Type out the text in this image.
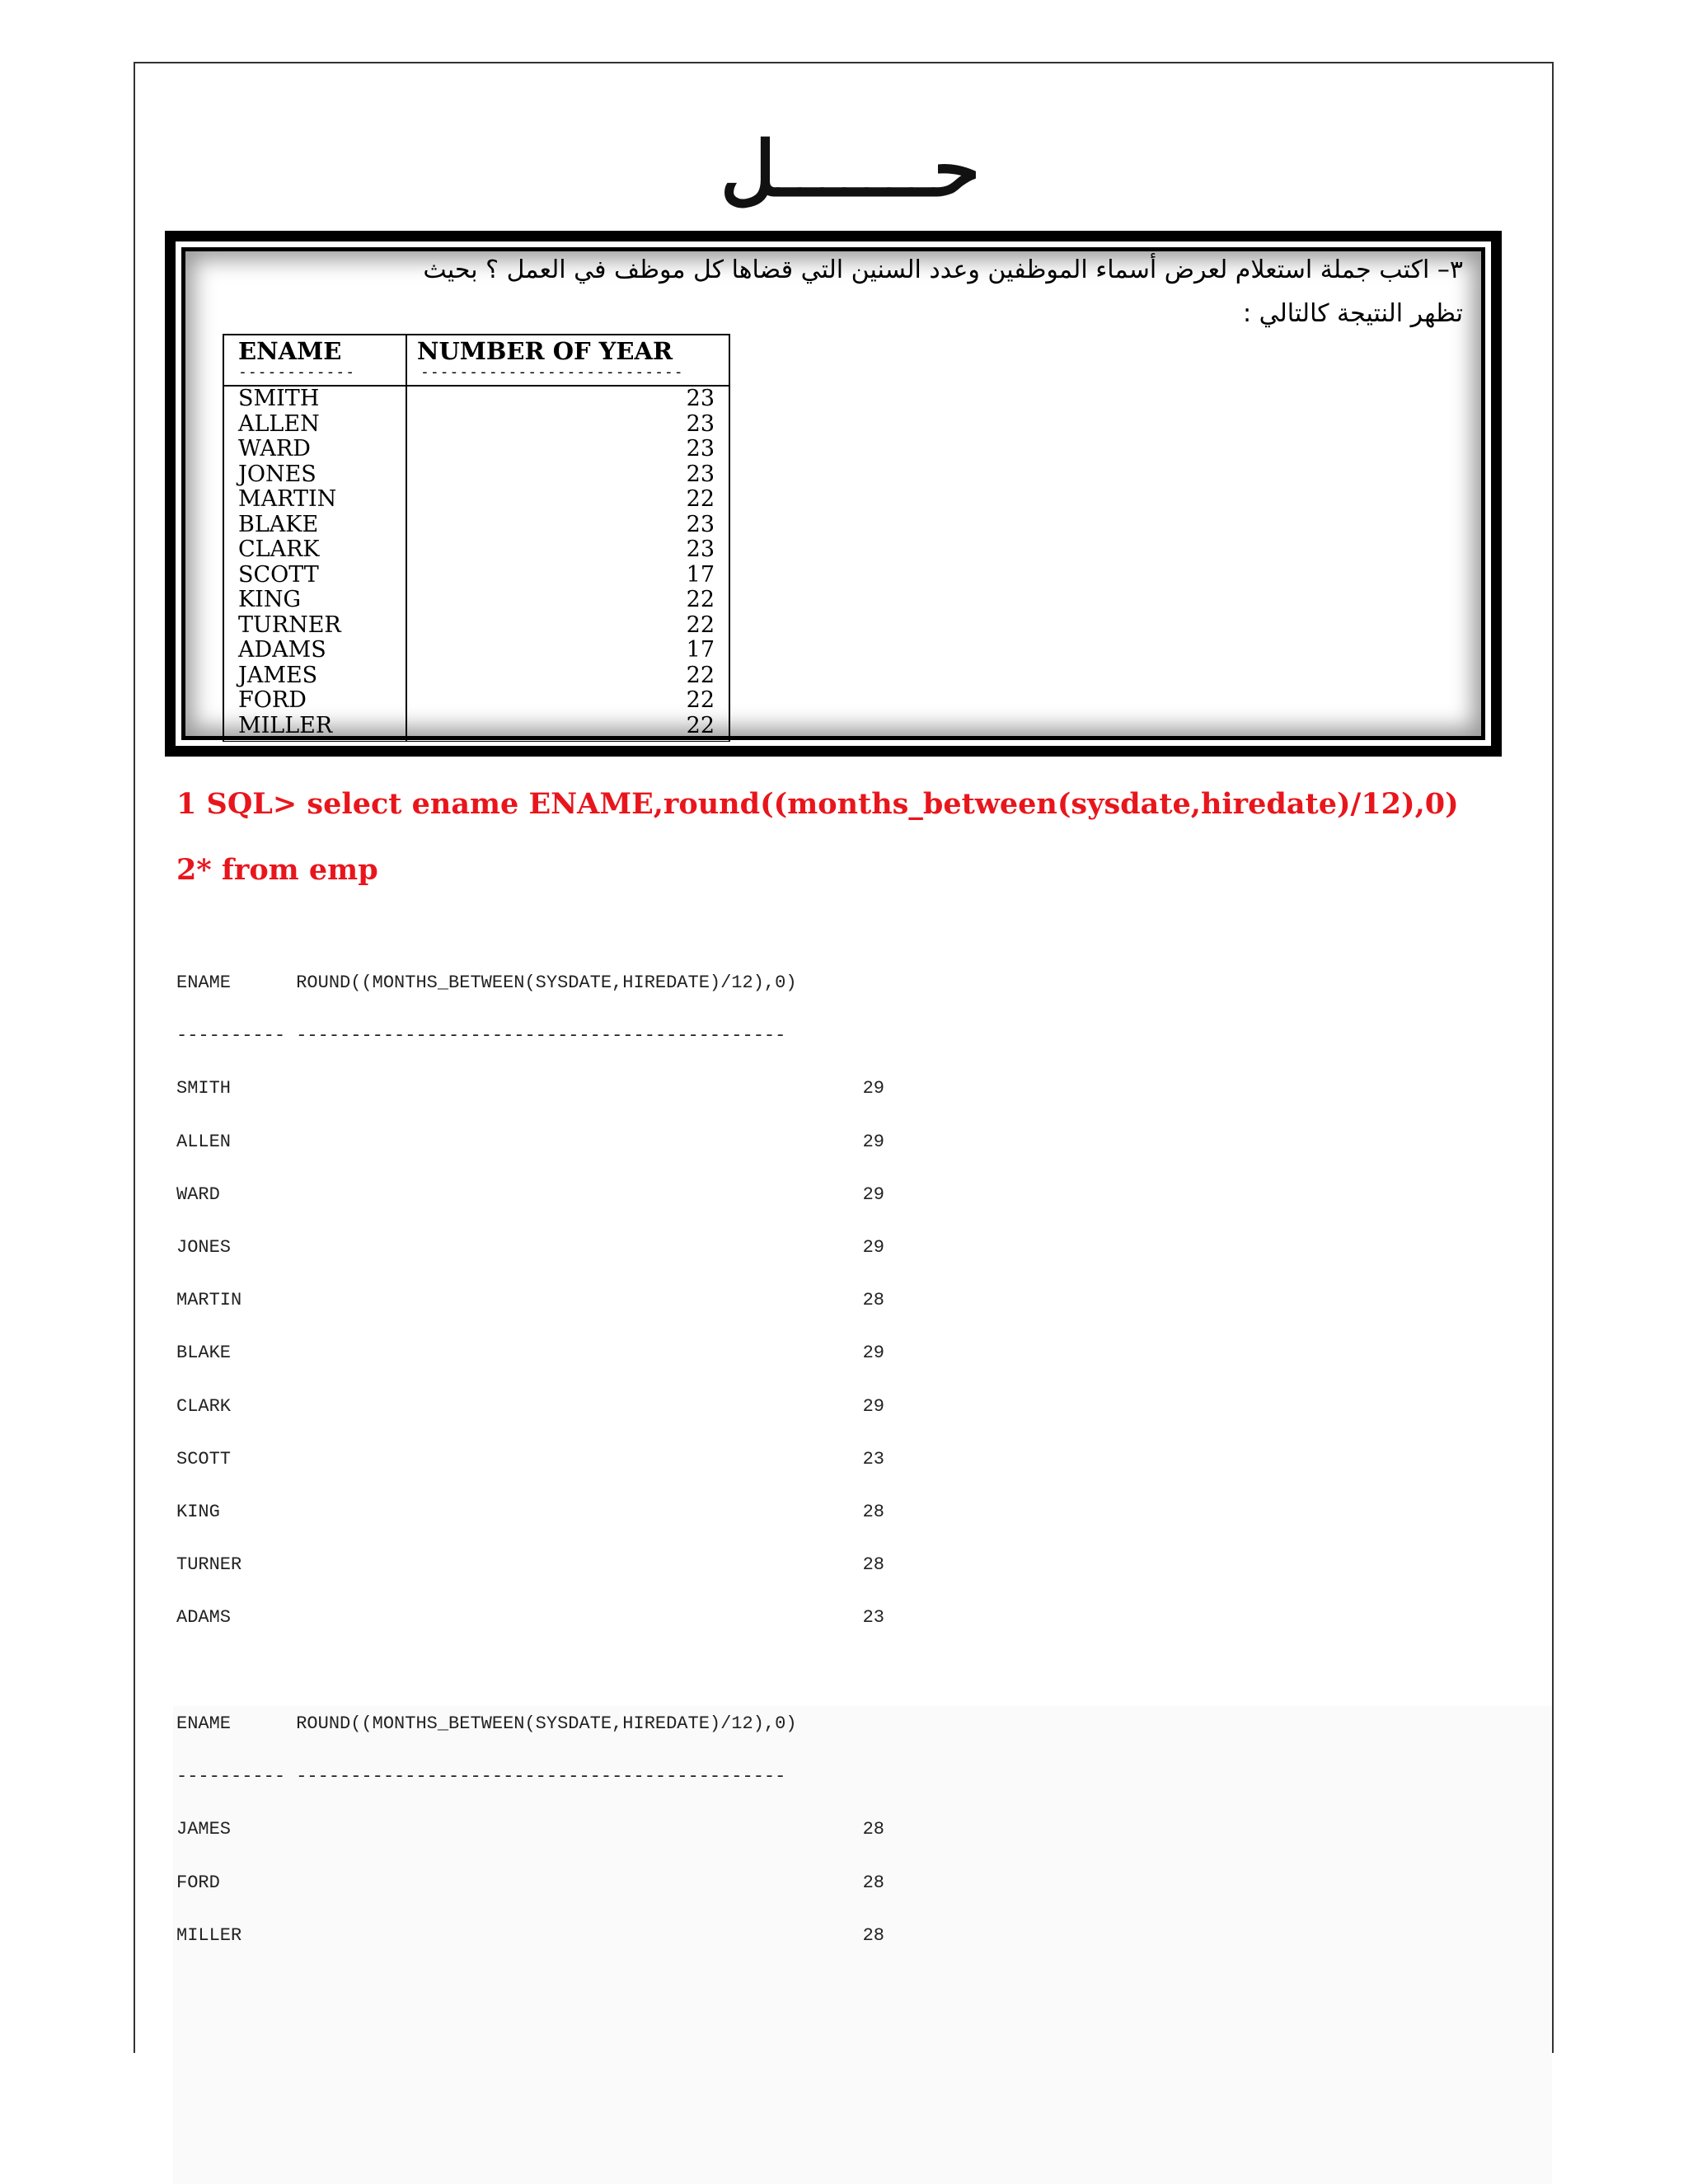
حـــــــل
٣– اكتب جملة استعلام لعرض أسماء الموظفين وعدد السنين التي قضاها كل موظف في العمل ؟ بحيث
تظهر النتيجة كالتالي :
ENAME	NUMBER OF YEAR
------------	---------------------------
SMITH	23
ALLEN	23
WARD	23
JONES	23
MARTIN	22
BLAKE	23
CLARK	23
SCOTT	17
KING	22
TURNER	22
ADAMS	17
JAMES	22
FORD	22
MILLER	22
1 SQL> select ename ENAME,round((months_between(sysdate,hiredate)/12),0)
2* from emp
ENAME      ROUND((MONTHS_BETWEEN(SYSDATE,HIREDATE)/12),0)
---------- ---------------------------------------------
SMITH	29
ALLEN	29
WARD	29
JONES	29
MARTIN	28
BLAKE	29
CLARK	29
SCOTT	23
KING	28
TURNER	28
ADAMS	23
ENAME      ROUND((MONTHS_BETWEEN(SYSDATE,HIREDATE)/12),0)
---------- ---------------------------------------------
JAMES	28
FORD	28
MILLER	28
